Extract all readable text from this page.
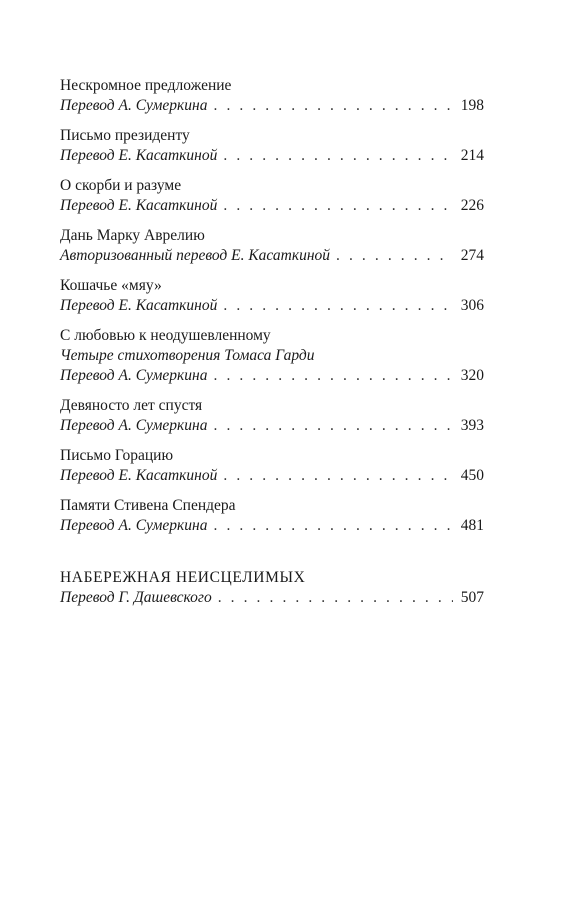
Нескромное предложение
Перевод А. Сумеркина . . .	198
Письмо президенту
Перевод Е. Касаткиной . . .	214
О скорби и разуме
Перевод Е. Касаткиной . . .	226
Дань Марку Аврелию
Авторизованный перевод Е. Касаткиной . . .	274
Кошачье «мяу»
Перевод Е. Касаткиной . . .	306
С любовью к неодушевленному
Четыре стихотворения Томаса Гарди
Перевод А. Сумеркина . . .	320
Девяносто лет спустя
Перевод А. Сумеркина . . .	393
Письмо Горацию
Перевод Е. Касаткиной . . .	450
Памяти Стивена Спендера
Перевод А. Сумеркина . . .	481
НАБЕРЕЖНАЯ НЕИСЦЕЛИМЫХ
Перевод Г. Дашевского . . .	507
